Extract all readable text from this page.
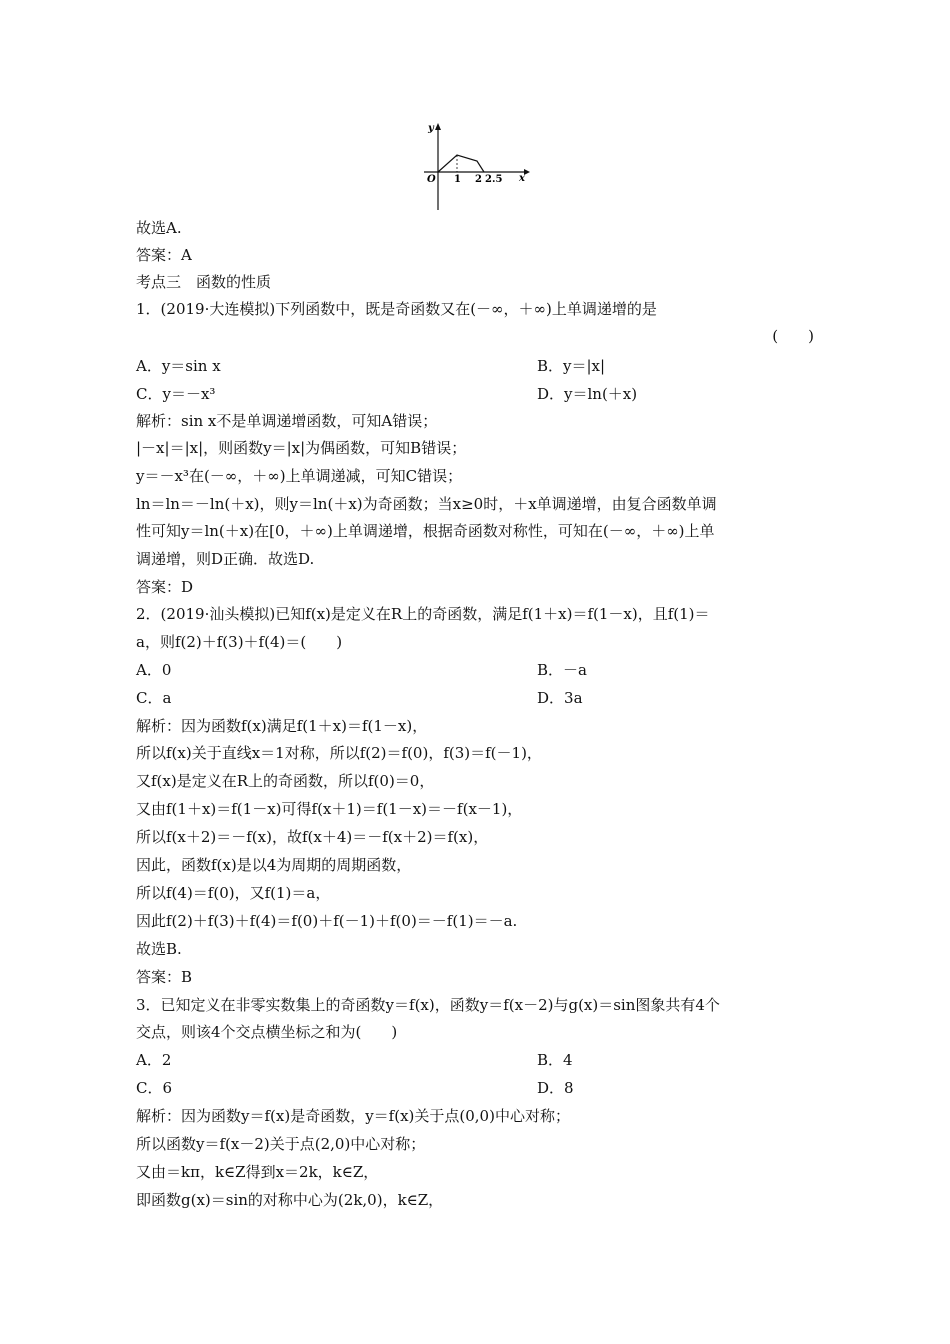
y
x
O 1 2 2.5
故选A.
答案：A
考点三　函数的性质
1．(2019·大连模拟)下列函数中，既是奇函数又在(－∞，＋∞)上单调递增的是
(　　)
A．y＝sin x	B．y＝|x|
C．y＝－x³	D．y＝ln(＋x)
解析：sin x不是单调递增函数，可知A错误；
|－x|＝|x|，则函数y＝|x|为偶函数，可知B错误；
y＝－x³在(－∞，＋∞)上单调递减，可知C错误；
ln＝ln＝－ln(＋x)，则y＝ln(＋x)为奇函数；当x≥0时，＋x单调递增，由复合函数单调
性可知y＝ln(＋x)在[0，＋∞)上单调递增，根据奇函数对称性，可知在(－∞，＋∞)上单
调递增，则D正确．故选D.
答案：D
2．(2019·汕头模拟)已知f(x)是定义在R上的奇函数，满足f(1＋x)＝f(1－x)，且f(1)＝
a，则f(2)＋f(3)＋f(4)＝(　　)
A．0	B．－a
C．a	D．3a
解析：因为函数f(x)满足f(1＋x)＝f(1－x)，
所以f(x)关于直线x＝1对称，所以f(2)＝f(0)，f(3)＝f(－1)，
又f(x)是定义在R上的奇函数，所以f(0)＝0，
又由f(1＋x)＝f(1－x)可得f(x＋1)＝f(1－x)＝－f(x－1)，
所以f(x＋2)＝－f(x)，故f(x＋4)＝－f(x＋2)＝f(x)，
因此，函数f(x)是以4为周期的周期函数，
所以f(4)＝f(0)，又f(1)＝a，
因此f(2)＋f(3)＋f(4)＝f(0)＋f(－1)＋f(0)＝－f(1)＝－a.
故选B.
答案：B
3．已知定义在非零实数集上的奇函数y＝f(x)，函数y＝f(x－2)与g(x)＝sin图象共有4个
交点，则该4个交点横坐标之和为(　　)
A．2	B．4
C．6	D．8
解析：因为函数y＝f(x)是奇函数，y＝f(x)关于点(0,0)中心对称；
所以函数y＝f(x－2)关于点(2,0)中心对称；
又由＝kπ，k∈Z得到x＝2k，k∈Z，
即函数g(x)＝sin的对称中心为(2k,0)，k∈Z，
